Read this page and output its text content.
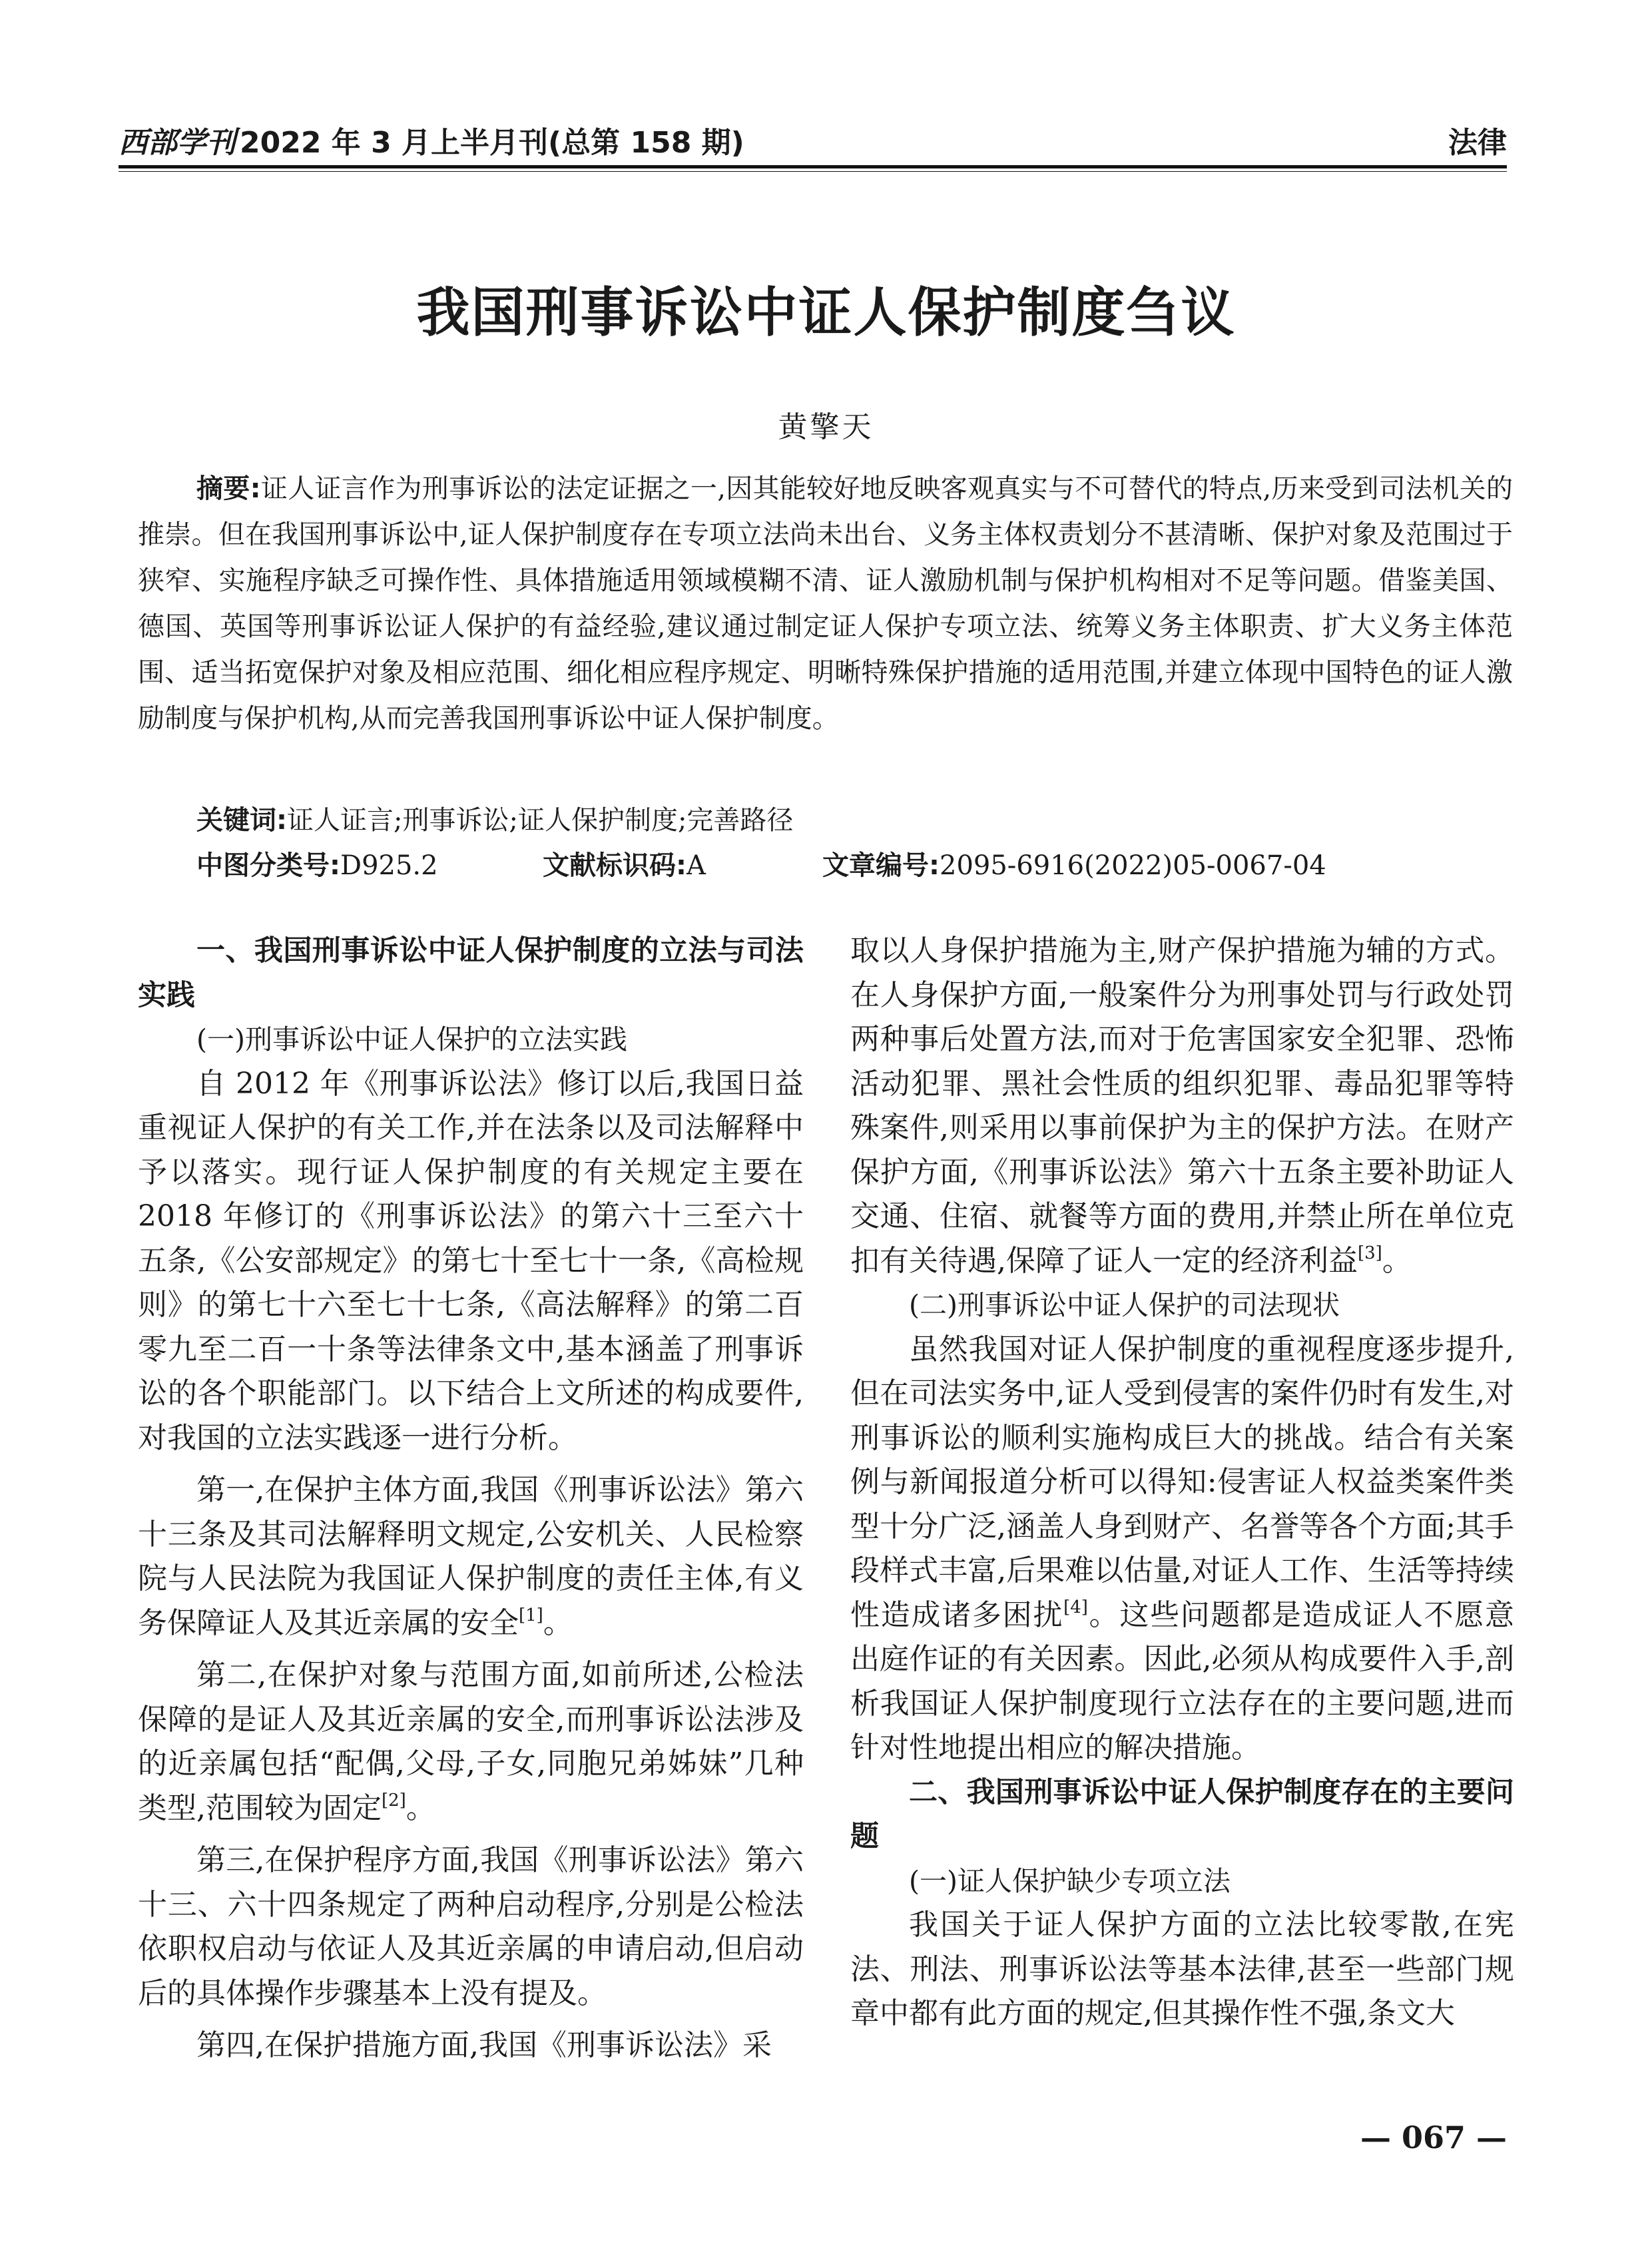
西部学刊 2022 年 3 月上半月刊(总第 158 期)	法律
我国刑事诉讼中证人保护制度刍议
黄擎天
摘要:证人证言作为刑事诉讼的法定证据之一,因其能较好地反映客观真实与不可替代的特点,历来受到司法机关的推崇。但在我国刑事诉讼中,证人保护制度存在专项立法尚未出台、义务主体权责划分不甚清晰、保护对象及范围过于狭窄、实施程序缺乏可操作性、具体措施适用领域模糊不清、证人激励机制与保护机构相对不足等问题。借鉴美国、德国、英国等刑事诉讼证人保护的有益经验,建议通过制定证人保护专项立法、统筹义务主体职责、扩大义务主体范围、适当拓宽保护对象及相应范围、细化相应程序规定、明晰特殊保护措施的适用范围,并建立体现中国特色的证人激励制度与保护机构,从而完善我国刑事诉讼中证人保护制度。
关键词:证人证言;刑事诉讼;证人保护制度;完善路径
中图分类号:D925.2	文献标识码:A	文章编号:2095-6916(2022)05-0067-04

一、我国刑事诉讼中证人保护制度的立法与司法实践

(一)刑事诉讼中证人保护的立法实践

自 2012 年《刑事诉讼法》修订以后,我国日益重视证人保护的有关工作,并在法条以及司法解释中予以落实。现行证人保护制度的有关规定主要在 2018 年修订的《刑事诉讼法》的第六十三至六十五条,《公安部规定》的第七十至七十一条,《高检规则》的第七十六至七十七条,《高法解释》的第二百零九至二百一十条等法律条文中,基本涵盖了刑事诉讼的各个职能部门。以下结合上文所述的构成要件,对我国的立法实践逐一进行分析。

第一,在保护主体方面,我国《刑事诉讼法》第六十三条及其司法解释明文规定,公安机关、人民检察院与人民法院为我国证人保护制度的责任主体,有义务保障证人及其近亲属的安全[1]。

第二,在保护对象与范围方面,如前所述,公检法保障的是证人及其近亲属的安全,而刑事诉讼法涉及的近亲属包括“配偶,父母,子女,同胞兄弟姊妹”几种类型,范围较为固定[2]。

第三,在保护程序方面,我国《刑事诉讼法》第六十三、六十四条规定了两种启动程序,分别是公检法依职权启动与依证人及其近亲属的申请启动,但启动后的具体操作步骤基本上没有提及。

第四,在保护措施方面,我国《刑事诉讼法》采

取以人身保护措施为主,财产保护措施为辅的方式。在人身保护方面,一般案件分为刑事处罚与行政处罚两种事后处置方法,而对于危害国家安全犯罪、恐怖活动犯罪、黑社会性质的组织犯罪、毒品犯罪等特殊案件,则采用以事前保护为主的保护方法。在财产保护方面,《刑事诉讼法》第六十五条主要补助证人交通、住宿、就餐等方面的费用,并禁止所在单位克扣有关待遇,保障了证人一定的经济利益[3]。

(二)刑事诉讼中证人保护的司法现状

虽然我国对证人保护制度的重视程度逐步提升,但在司法实务中,证人受到侵害的案件仍时有发生,对刑事诉讼的顺利实施构成巨大的挑战。结合有关案例与新闻报道分析可以得知:侵害证人权益类案件类型十分广泛,涵盖人身到财产、名誉等各个方面;其手段样式丰富,后果难以估量,对证人工作、生活等持续性造成诸多困扰[4]。这些问题都是造成证人不愿意出庭作证的有关因素。因此,必须从构成要件入手,剖析我国证人保护制度现行立法存在的主要问题,进而针对性地提出相应的解决措施。

二、我国刑事诉讼中证人保护制度存在的主要问题

(一)证人保护缺少专项立法

我国关于证人保护方面的立法比较零散,在宪法、刑法、刑事诉讼法等基本法律,甚至一些部门规章中都有此方面的规定,但其操作性不强,条文大

— 067 —
